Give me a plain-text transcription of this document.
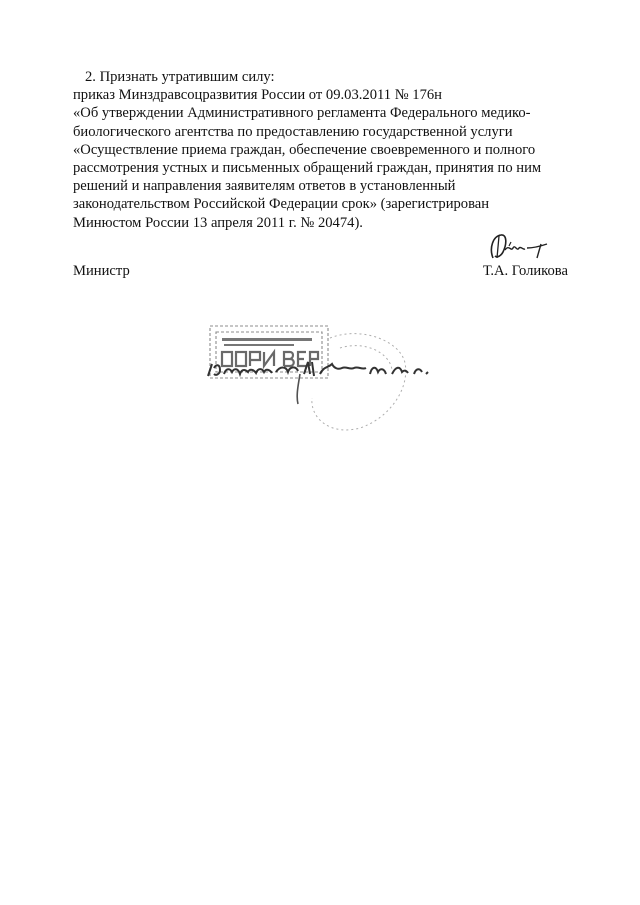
2. Признать утратившим силу:

приказ Минздравсоцразвития России от 09.03.2011 № 176н
«Об утверждении Административного регламента Федерального медико-
биологического агентства по предоставлению государственной услуги
«Осуществление приема граждан, обеспечение своевременного и полного
рассмотрения устных и письменных обращений граждан, принятия по ним
решений и направления заявителям ответов в установленный
законодательством Российской Федерации срок» (зарегистрирован
Минюстом России 13 апреля 2011 г. № 20474).

Министр	Т.А. Голикова
